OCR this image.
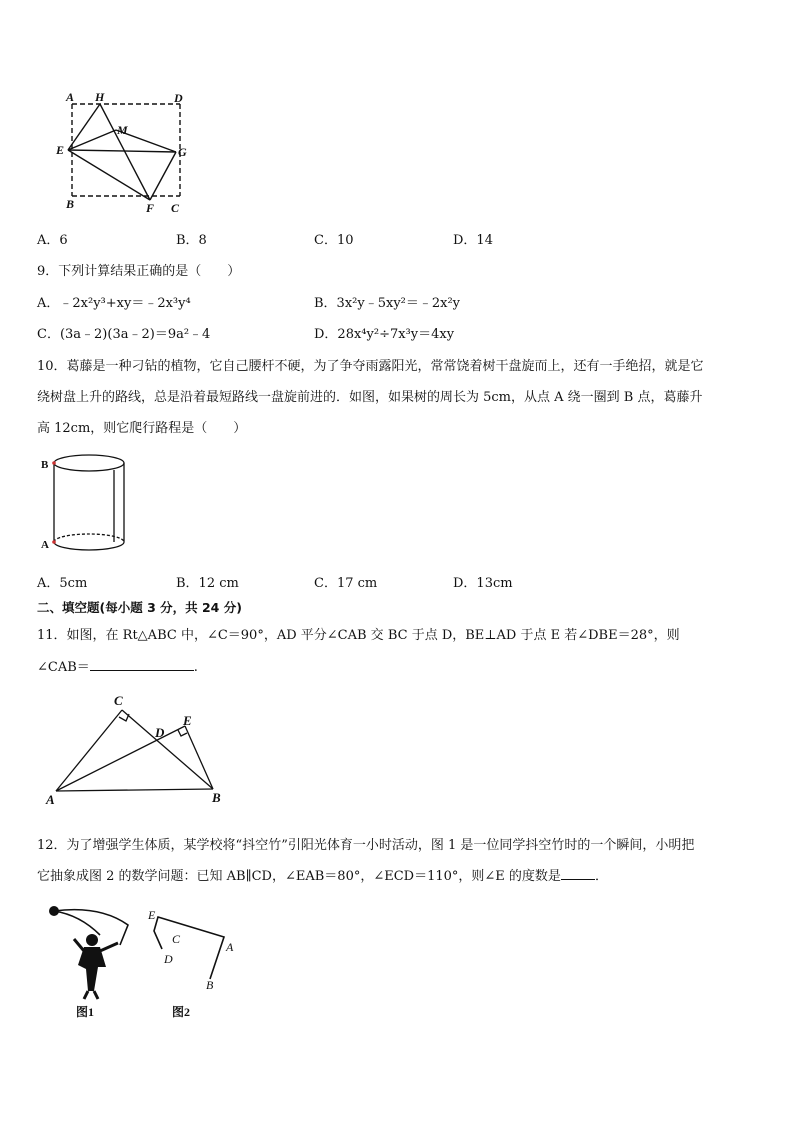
A H	D
M
E	G
B	F C
A．6	B．8	C．10	D．14
9．下列计算结果正确的是（　　）
A．﹣2x²y³+xy＝﹣2x³y⁴	B．3x²y﹣5xy²＝﹣2x²y
C．(3a﹣2)(3a﹣2)＝9a²﹣4	D．28x⁴y²÷7x³y＝4xy
10．葛藤是一种刁钻的植物，它自己腰杆不硬，为了争夺雨露阳光，常常饶着树干盘旋而上，还有一手绝招，就是它
绕树盘上升的路线，总是沿着最短路线一盘旋前进的．如图，如果树的周长为 5cm，从点 A 绕一圈到 B 点，葛藤升
高 12cm，则它爬行路程是（　　）
B
A
A．5cm	B．12 cm	C．17 cm	D．13cm
二、填空题(每小题 3 分，共 24 分)
11．如图，在 Rt△ABC 中，∠C＝90°，AD 平分∠CAB 交 BC 于点 D，BE⊥AD 于点 E 若∠DBE＝28°，则
∠CAB＝	.
C
D
E
A	B
12．为了增强学生体质，某学校将“抖空竹”引阳光体育一小时活动，图 1 是一位同学抖空竹时的一个瞬间，小明把
它抽象成图 2 的数学问题：已知 AB∥CD，∠EAB＝80°，∠ECD＝110°，则∠E 的度数是	．
图1
E
C
D
A
B
图2
